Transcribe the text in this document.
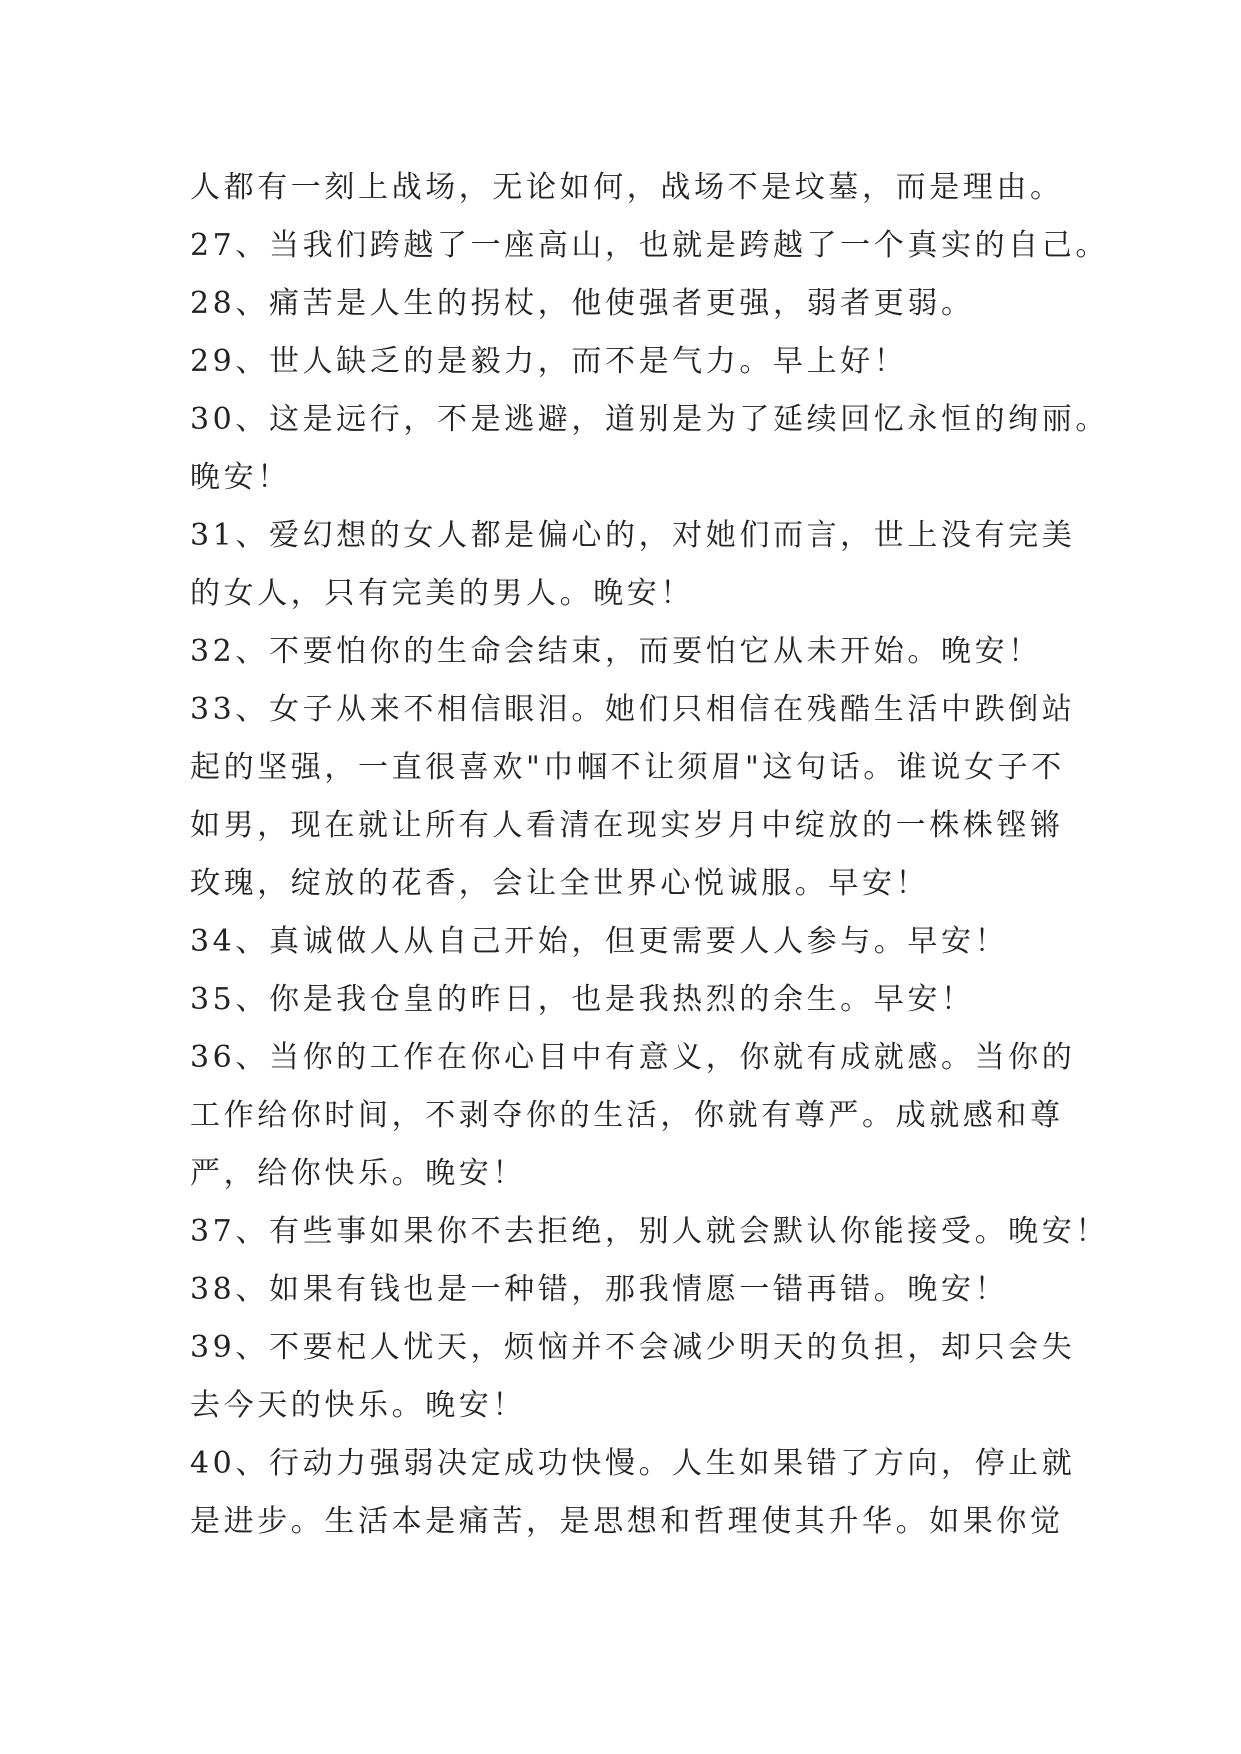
人都有一刻上战场，无论如何，战场不是坟墓，而是理由。
27、当我们跨越了一座高山，也就是跨越了一个真实的自己。
28、痛苦是人生的拐杖，他使强者更强，弱者更弱。
29、世人缺乏的是毅力，而不是气力。早上好！
30、这是远行，不是逃避，道别是为了延续回忆永恒的绚丽。
晚安！
31、爱幻想的女人都是偏心的，对她们而言，世上没有完美
的女人，只有完美的男人。晚安！
32、不要怕你的生命会结束，而要怕它从未开始。晚安！
33、女子从来不相信眼泪。她们只相信在残酷生活中跌倒站
起的坚强，一直很喜欢"巾帼不让须眉"这句话。谁说女子不
如男，现在就让所有人看清在现实岁月中绽放的一株株铿锵
玫瑰，绽放的花香，会让全世界心悦诚服。早安！
34、真诚做人从自己开始，但更需要人人参与。早安！
35、你是我仓皇的昨日，也是我热烈的余生。早安！
36、当你的工作在你心目中有意义，你就有成就感。当你的
工作给你时间，不剥夺你的生活，你就有尊严。成就感和尊
严，给你快乐。晚安！
37、有些事如果你不去拒绝，别人就会默认你能接受。晚安！
38、如果有钱也是一种错，那我情愿一错再错。晚安！
39、不要杞人忧天，烦恼并不会减少明天的负担，却只会失
去今天的快乐。晚安！
40、行动力强弱决定成功快慢。人生如果错了方向，停止就
是进步。生活本是痛苦，是思想和哲理使其升华。如果你觉
